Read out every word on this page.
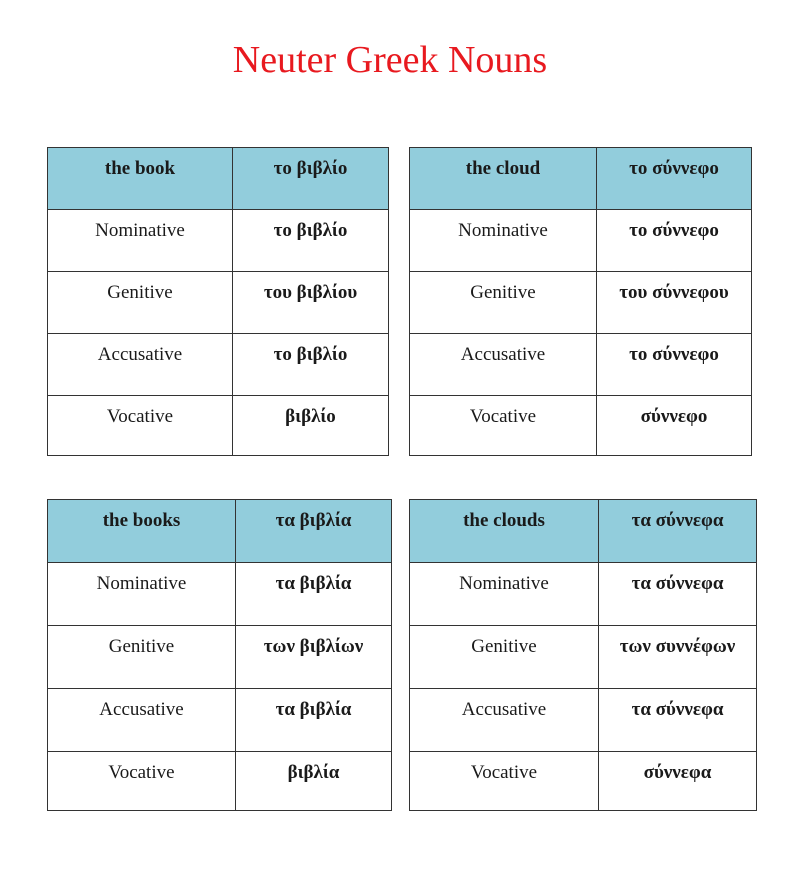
Neuter Greek Nouns
the book	το βιβλίο
Nominative	το βιβλίο
Genitive	του βιβλίου
Accusative	το βιβλίο
Vocative	βιβλίο
the cloud	το σύννεφο
Nominative	το σύννεφο
Genitive	του σύννεφου
Accusative	το σύννεφο
Vocative	σύννεφο
the books	τα βιβλία
Nominative	τα βιβλία
Genitive	των βιβλίων
Accusative	τα βιβλία
Vocative	βιβλία
the clouds	τα σύννεφα
Nominative	τα σύννεφα
Genitive	των συννέφων
Accusative	τα σύννεφα
Vocative	σύννεφα
